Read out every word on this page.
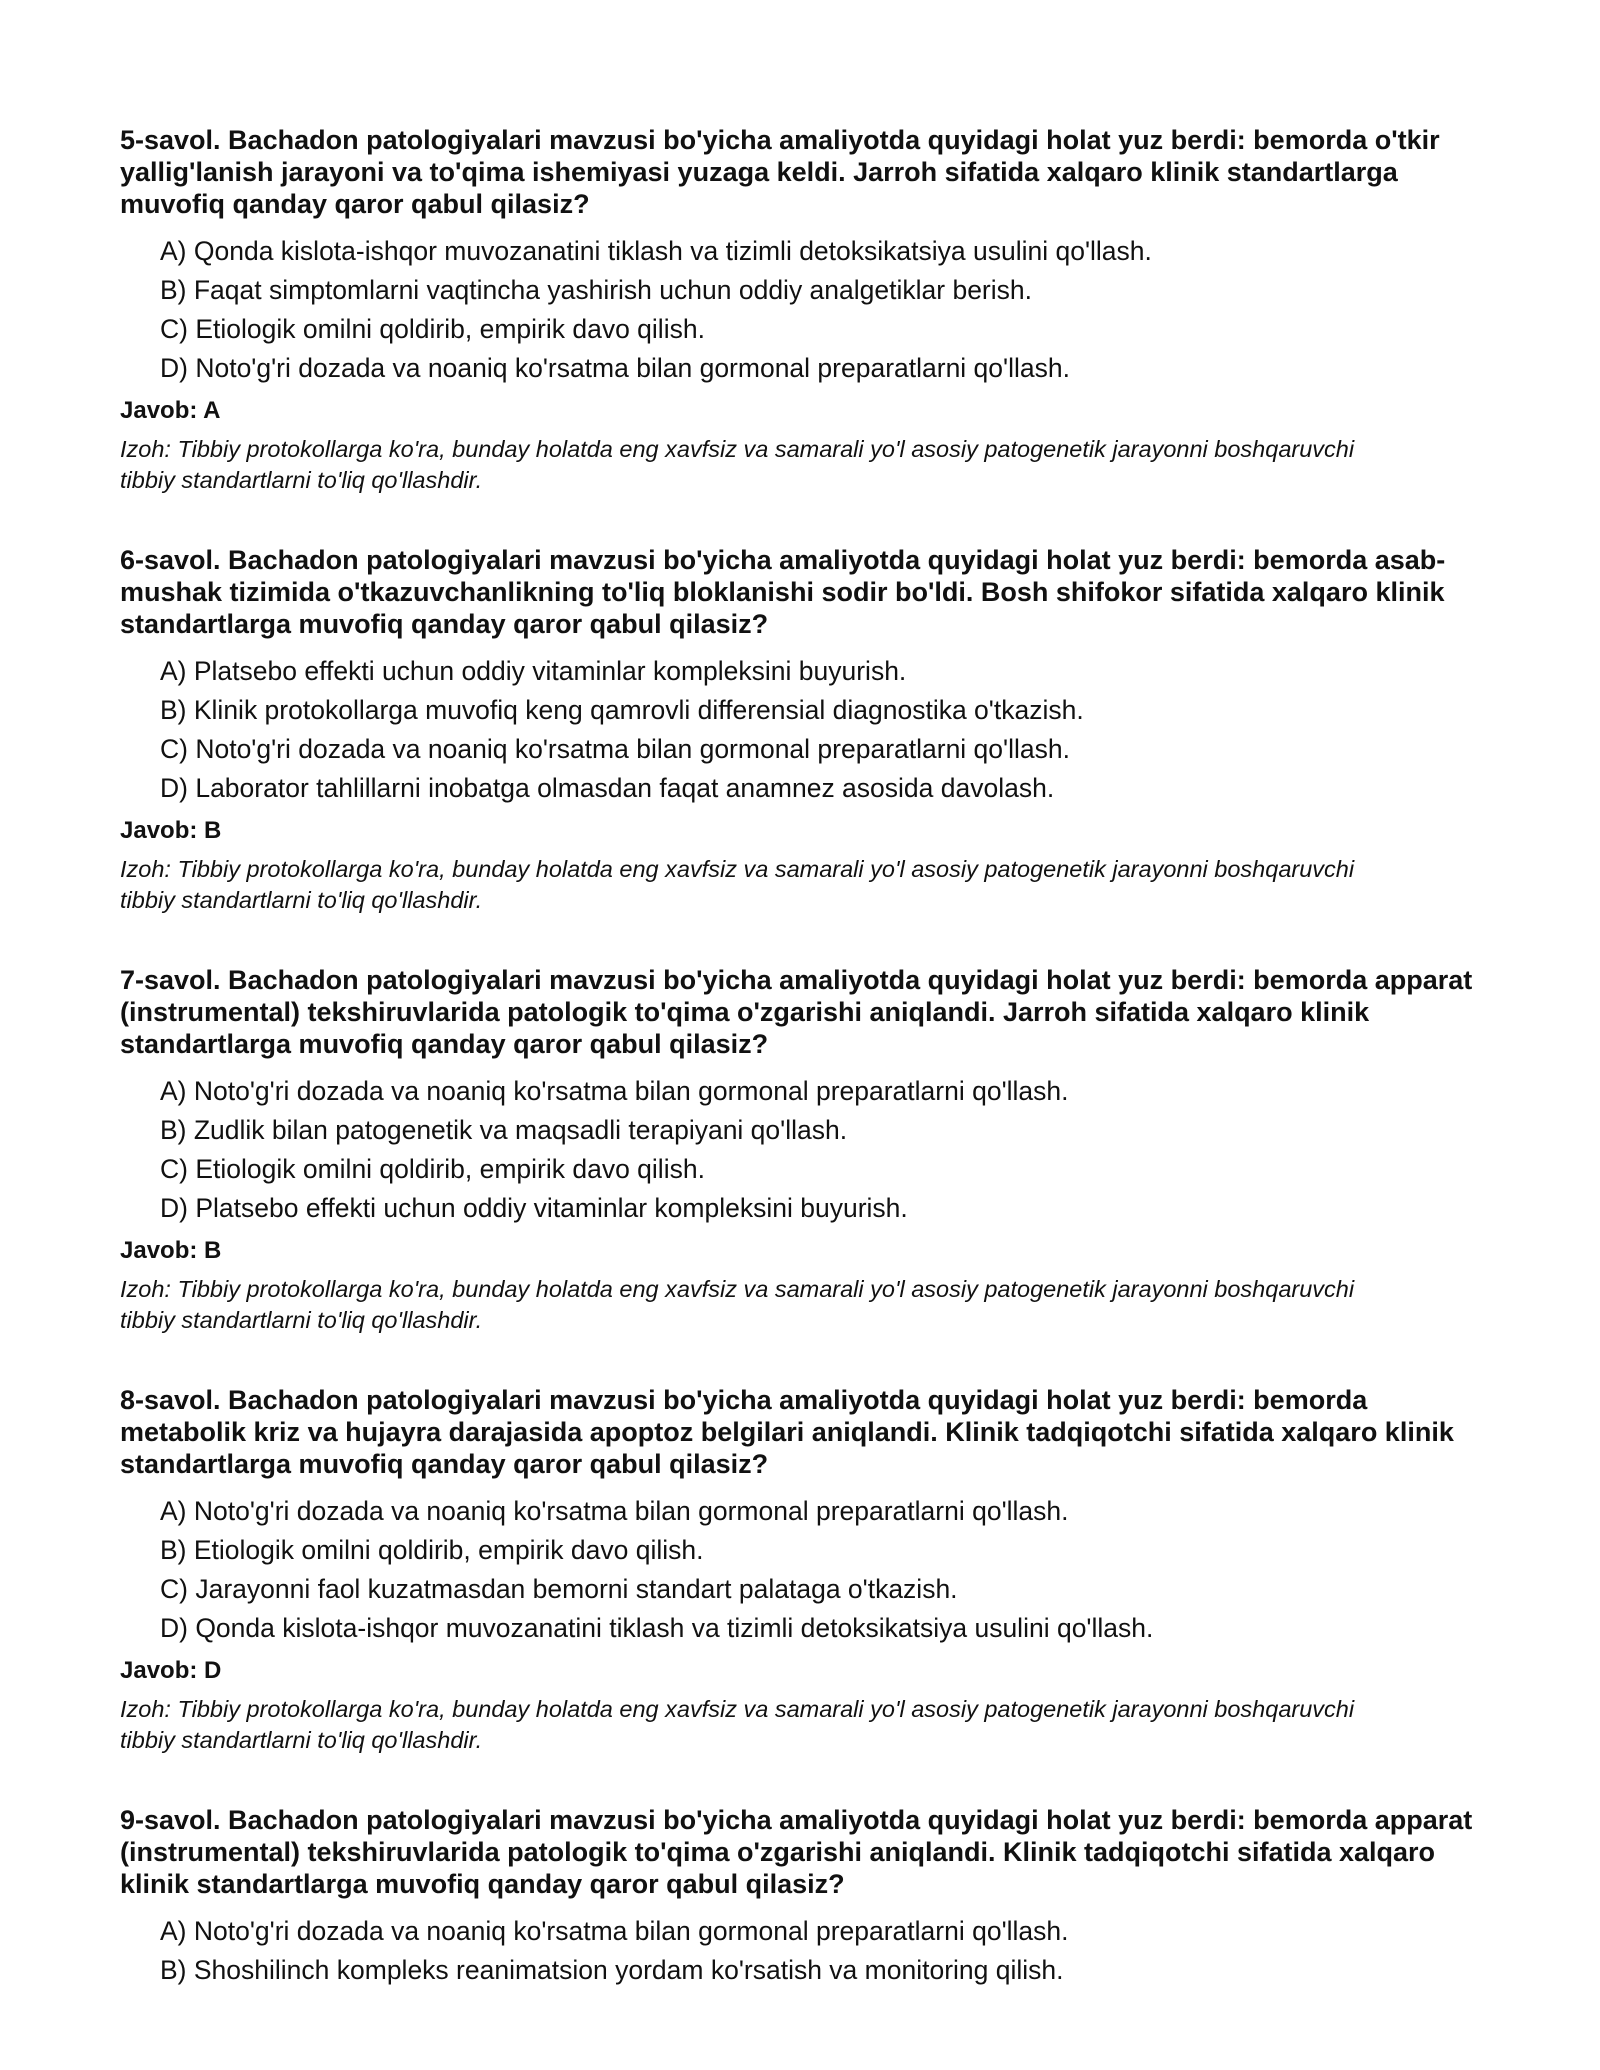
5-savol. Bachadon patologiyalari mavzusi bo'yicha amaliyotda quyidagi holat yuz berdi: bemorda o'tkir yallig'lanish jarayoni va to'qima ishemiyasi yuzaga keldi. Jarroh sifatida xalqaro klinik standartlarga muvofiq qanday qaror qabul qilasiz?

A) Qonda kislota-ishqor muvozanatini tiklash va tizimli detoksikatsiya usulini qo'llash.
B) Faqat simptomlarni vaqtincha yashirish uchun oddiy analgetiklar berish.
C) Etiologik omilni qoldirib, empirik davo qilish.
D) Noto'g'ri dozada va noaniq ko'rsatma bilan gormonal preparatlarni qo'llash.

Javob: A

Izoh: Tibbiy protokollarga ko'ra, bunday holatda eng xavfsiz va samarali yo'l asosiy patogenetik jarayonni boshqaruvchi tibbiy standartlarni to'liq qo'llashdir.

6-savol. Bachadon patologiyalari mavzusi bo'yicha amaliyotda quyidagi holat yuz berdi: bemorda asab-mushak tizimida o'tkazuvchanlikning to'liq bloklanishi sodir bo'ldi. Bosh shifokor sifatida xalqaro klinik standartlarga muvofiq qanday qaror qabul qilasiz?

A) Platsebo effekti uchun oddiy vitaminlar kompleksini buyurish.
B) Klinik protokollarga muvofiq keng qamrovli differensial diagnostika o'tkazish.
C) Noto'g'ri dozada va noaniq ko'rsatma bilan gormonal preparatlarni qo'llash.
D) Laborator tahlillarni inobatga olmasdan faqat anamnez asosida davolash.

Javob: B

Izoh: Tibbiy protokollarga ko'ra, bunday holatda eng xavfsiz va samarali yo'l asosiy patogenetik jarayonni boshqaruvchi tibbiy standartlarni to'liq qo'llashdir.

7-savol. Bachadon patologiyalari mavzusi bo'yicha amaliyotda quyidagi holat yuz berdi: bemorda apparat (instrumental) tekshiruvlarida patologik to'qima o'zgarishi aniqlandi. Jarroh sifatida xalqaro klinik standartlarga muvofiq qanday qaror qabul qilasiz?

A) Noto'g'ri dozada va noaniq ko'rsatma bilan gormonal preparatlarni qo'llash.
B) Zudlik bilan patogenetik va maqsadli terapiyani qo'llash.
C) Etiologik omilni qoldirib, empirik davo qilish.
D) Platsebo effekti uchun oddiy vitaminlar kompleksini buyurish.

Javob: B

Izoh: Tibbiy protokollarga ko'ra, bunday holatda eng xavfsiz va samarali yo'l asosiy patogenetik jarayonni boshqaruvchi tibbiy standartlarni to'liq qo'llashdir.

8-savol. Bachadon patologiyalari mavzusi bo'yicha amaliyotda quyidagi holat yuz berdi: bemorda metabolik kriz va hujayra darajasida apoptoz belgilari aniqlandi. Klinik tadqiqotchi sifatida xalqaro klinik standartlarga muvofiq qanday qaror qabul qilasiz?

A) Noto'g'ri dozada va noaniq ko'rsatma bilan gormonal preparatlarni qo'llash.
B) Etiologik omilni qoldirib, empirik davo qilish.
C) Jarayonni faol kuzatmasdan bemorni standart palataga o'tkazish.
D) Qonda kislota-ishqor muvozanatini tiklash va tizimli detoksikatsiya usulini qo'llash.

Javob: D

Izoh: Tibbiy protokollarga ko'ra, bunday holatda eng xavfsiz va samarali yo'l asosiy patogenetik jarayonni boshqaruvchi tibbiy standartlarni to'liq qo'llashdir.

9-savol. Bachadon patologiyalari mavzusi bo'yicha amaliyotda quyidagi holat yuz berdi: bemorda apparat (instrumental) tekshiruvlarida patologik to'qima o'zgarishi aniqlandi. Klinik tadqiqotchi sifatida xalqaro klinik standartlarga muvofiq qanday qaror qabul qilasiz?

A) Noto'g'ri dozada va noaniq ko'rsatma bilan gormonal preparatlarni qo'llash.
B) Shoshilinch kompleks reanimatsion yordam ko'rsatish va monitoring qilish.
